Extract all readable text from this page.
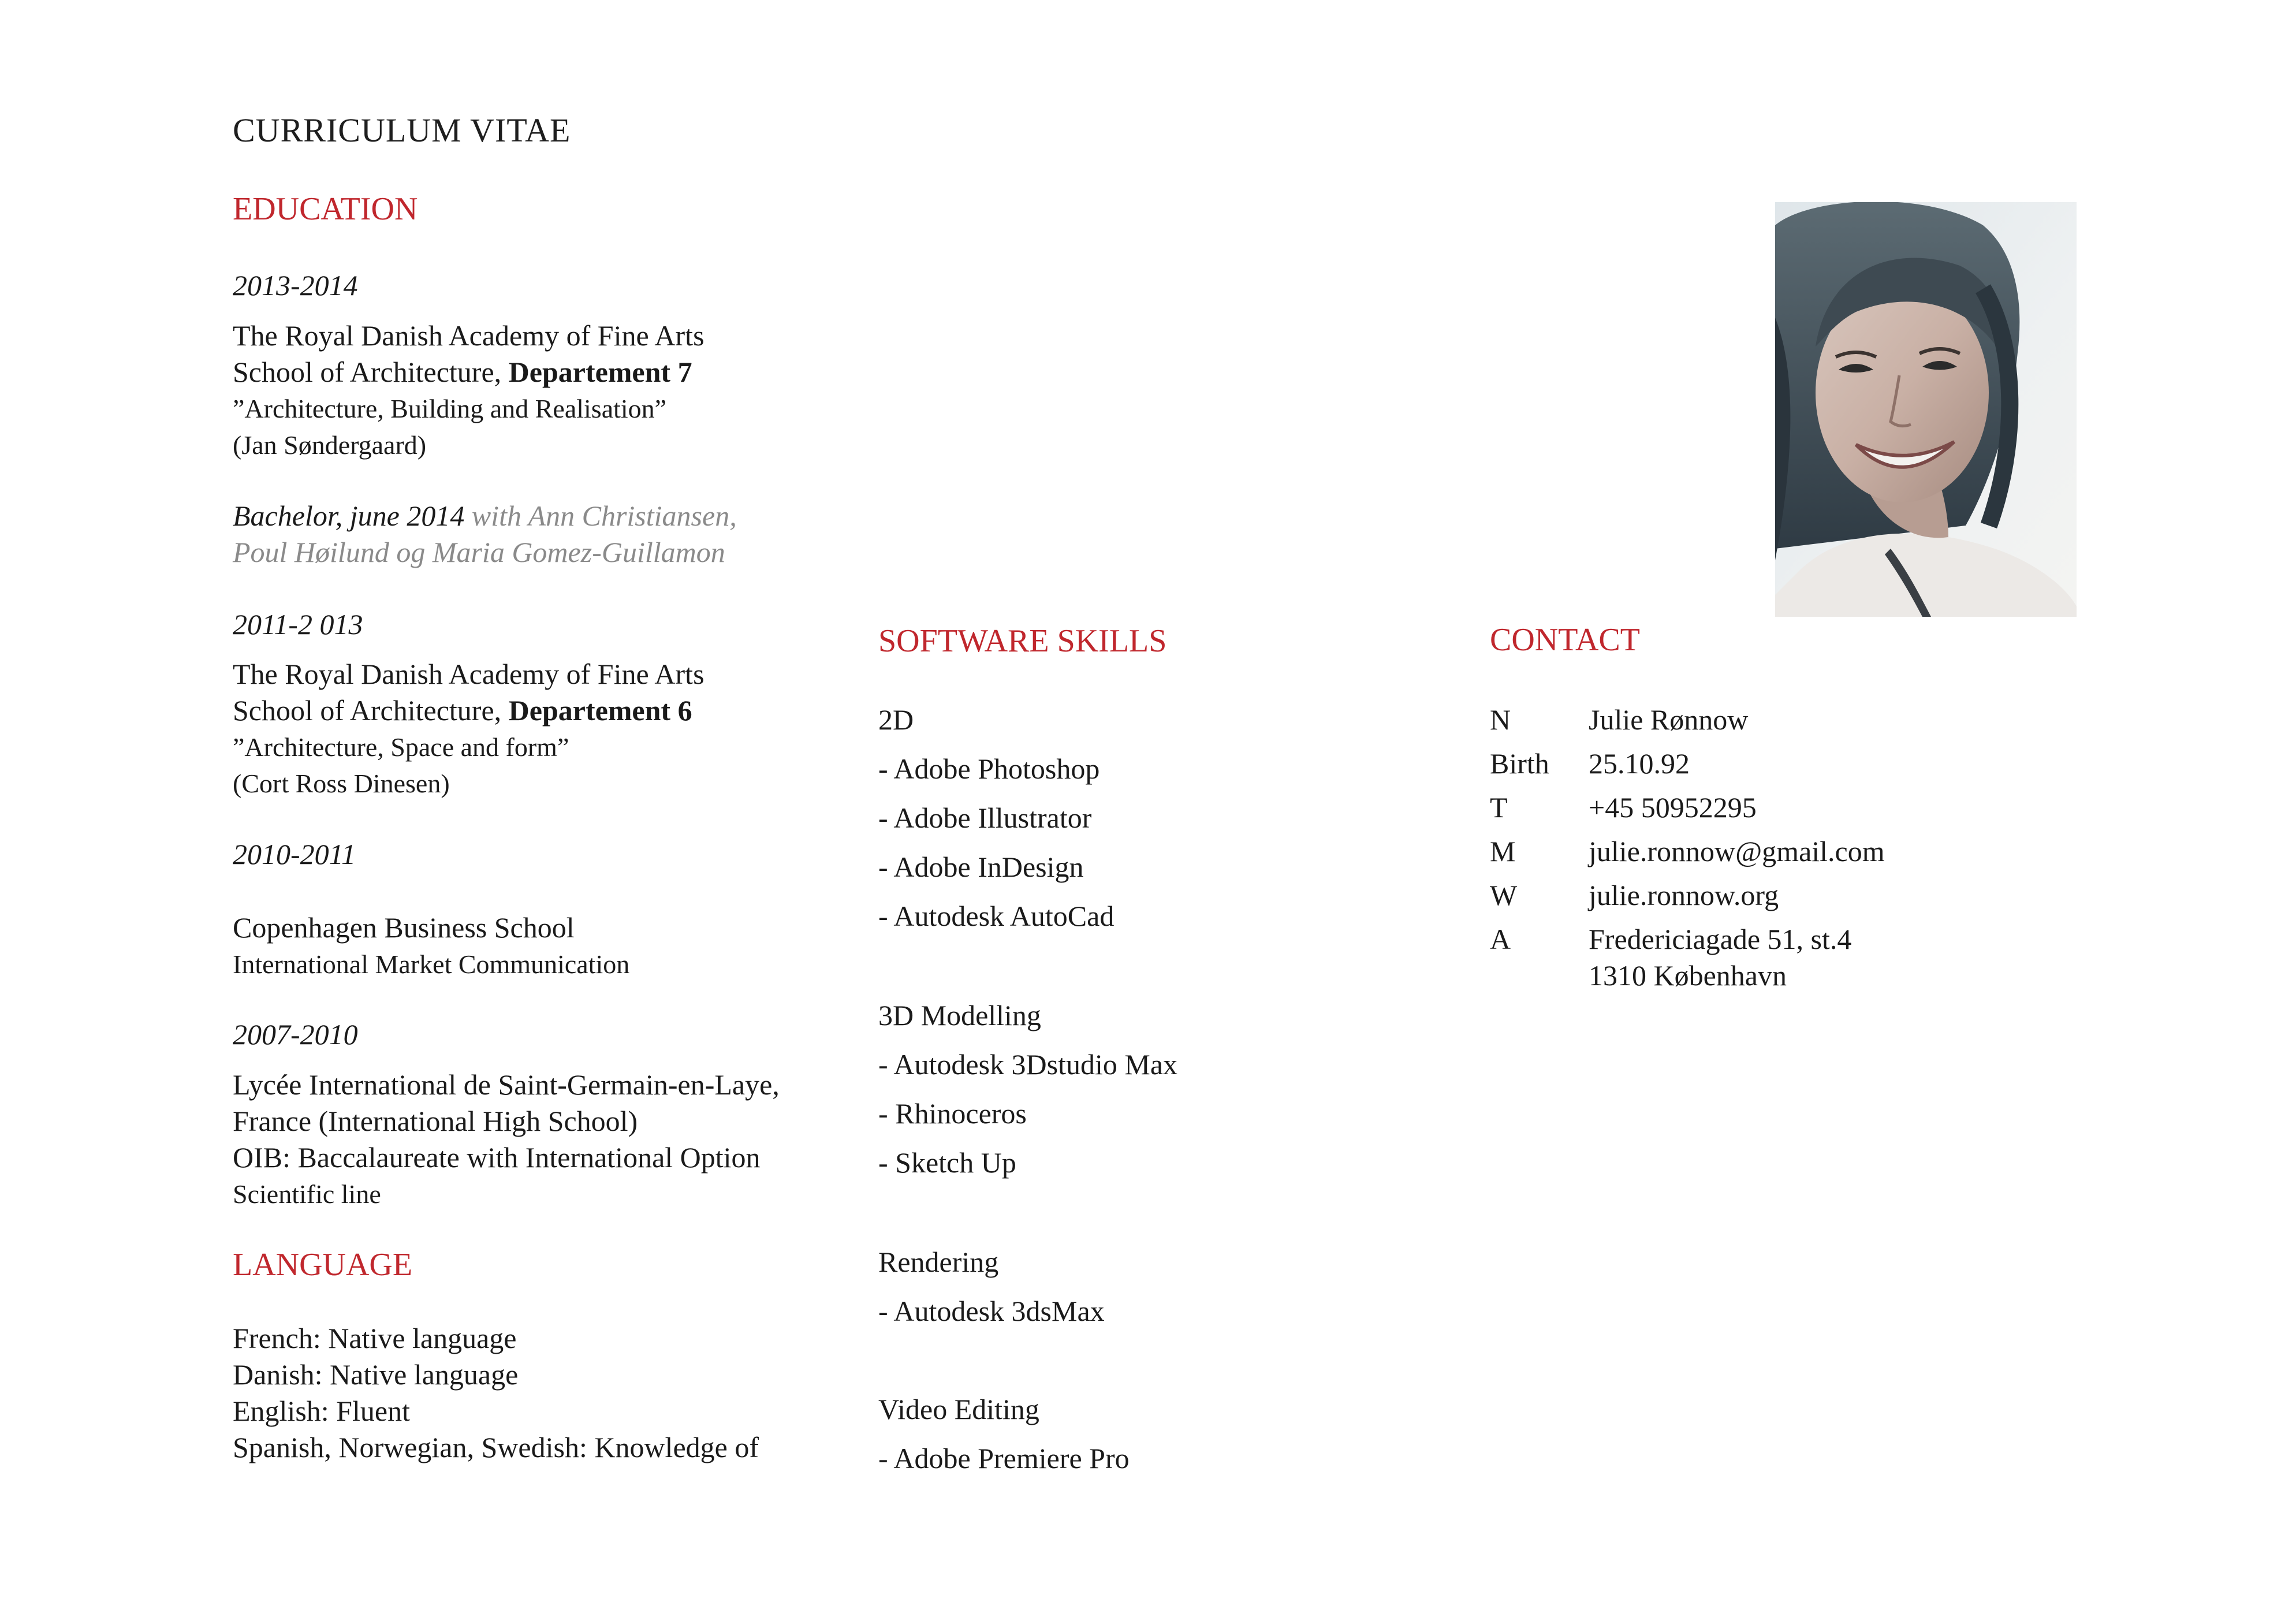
CURRICULUM VITAE
EDUCATION
2013-2014
The Royal Danish Academy of Fine Arts
School of Architecture, Departement 7
”Architecture, Building and Realisation”
(Jan Søndergaard)
Bachelor, june 2014 with Ann Christiansen,
Poul Høilund og Maria Gomez-Guillamon
2011-2 013
The Royal Danish Academy of Fine Arts
School of Architecture, Departement 6
”Architecture, Space and form”
(Cort Ross Dinesen)
2010-2011
Copenhagen Business School
International Market Communication
2007-2010
Lycée International de Saint-Germain-en-Laye,
France (International High School)
OIB: Baccalaureate with International Option
Scientific line
LANGUAGE
French: Native language
Danish: Native language
English: Fluent
Spanish, Norwegian, Swedish: Knowledge of
SOFTWARE SKILLS
2D
- Adobe Photoshop
- Adobe Illustrator
- Adobe InDesign
- Autodesk AutoCad
3D Modelling
- Autodesk 3Dstudio Max
- Rhinoceros
- Sketch Up
Rendering
- Autodesk 3dsMax
Video Editing
- Adobe Premiere Pro
CONTACT
N	Julie Rønnow
Birth 25.10.92
T	+45 50952295
M	julie.ronnow@gmail.com
W julie.ronnow.org
A	Fredericiagade 51, st.4
1310 København
